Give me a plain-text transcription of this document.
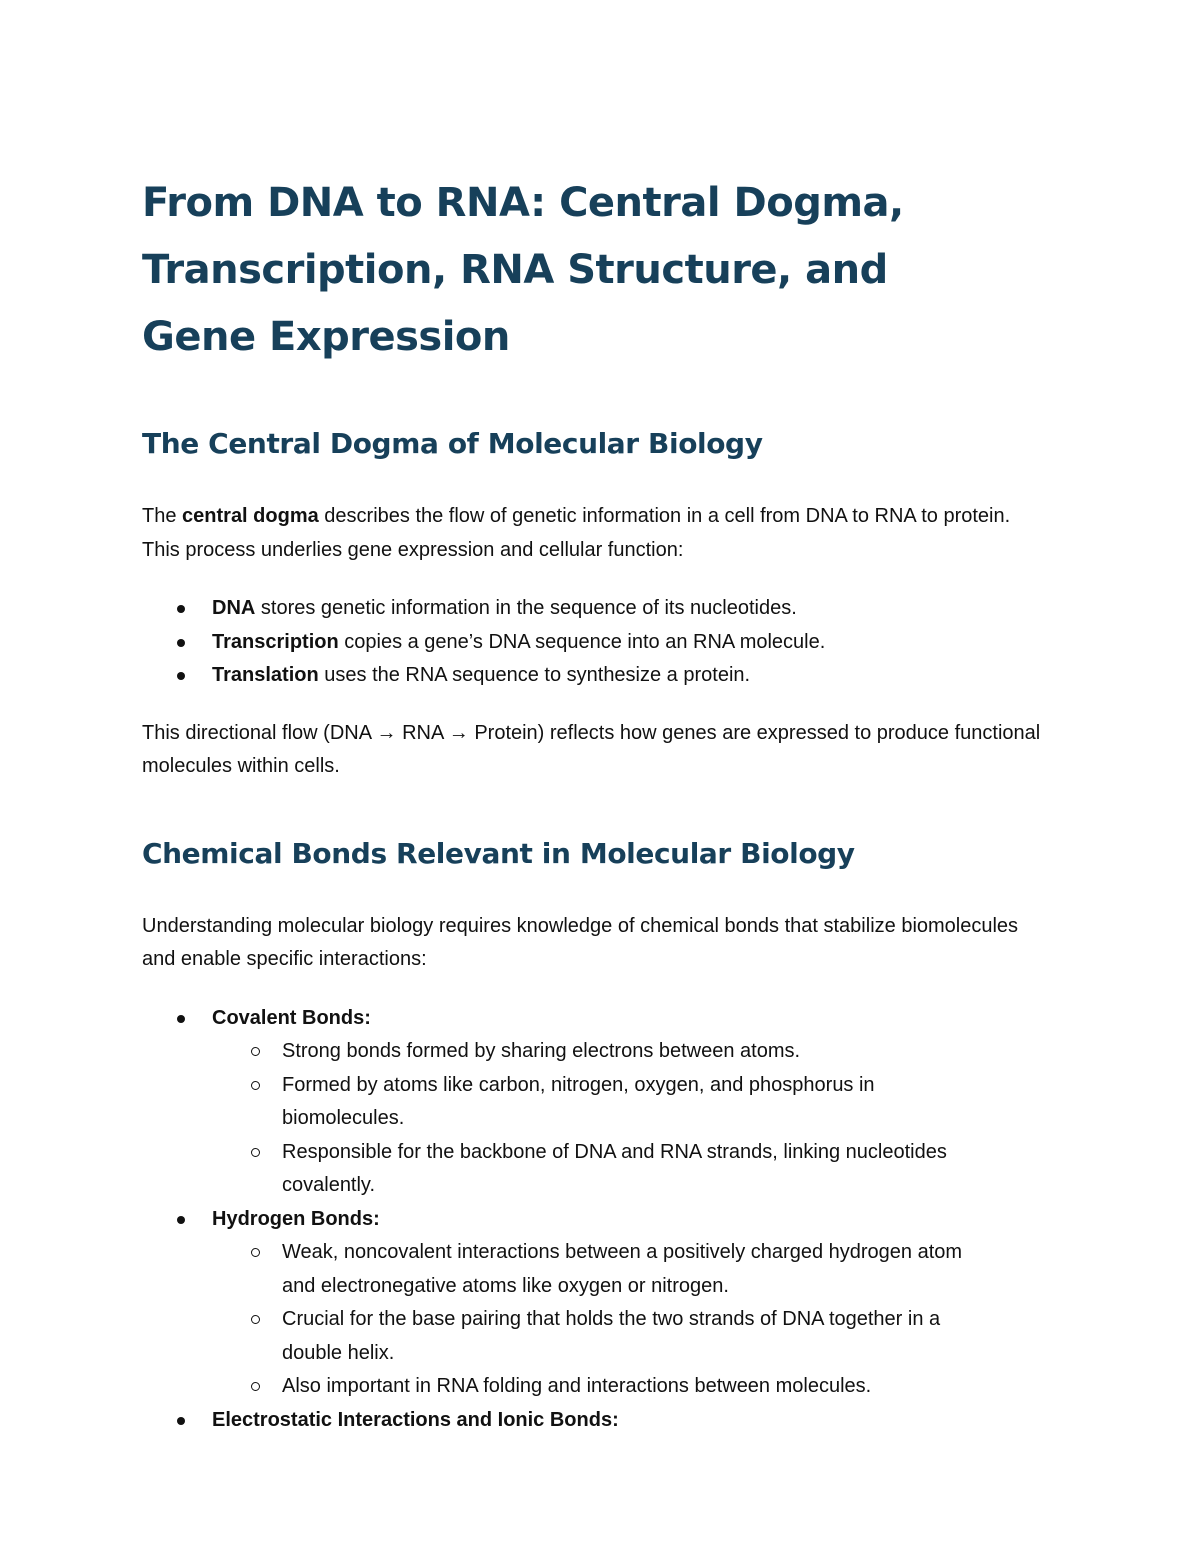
From DNA to RNA: Central Dogma, Transcription, RNA Structure, and Gene Expression
The Central Dogma of Molecular Biology

The central dogma describes the flow of genetic information in a cell from DNA to RNA to protein. This process underlies gene expression and cellular function:

DNA stores genetic information in the sequence of its nucleotides.
Transcription copies a gene’s DNA sequence into an RNA molecule.
Translation uses the RNA sequence to synthesize a protein.

This directional flow (DNA → RNA → Protein) reflects how genes are expressed to produce functional molecules within cells.

Chemical Bonds Relevant in Molecular Biology

Understanding molecular biology requires knowledge of chemical bonds that stabilize biomolecules and enable specific interactions:

Covalent Bonds:
Strong bonds formed by sharing electrons between atoms.
Formed by atoms like carbon, nitrogen, oxygen, and phosphorus in biomolecules.
Responsible for the backbone of DNA and RNA strands, linking nucleotides covalently.
Hydrogen Bonds:
Weak, noncovalent interactions between a positively charged hydrogen atom and electronegative atoms like oxygen or nitrogen.
Crucial for the base pairing that holds the two strands of DNA together in a double helix.
Also important in RNA folding and interactions between molecules.
Electrostatic Interactions and Ionic Bonds:
